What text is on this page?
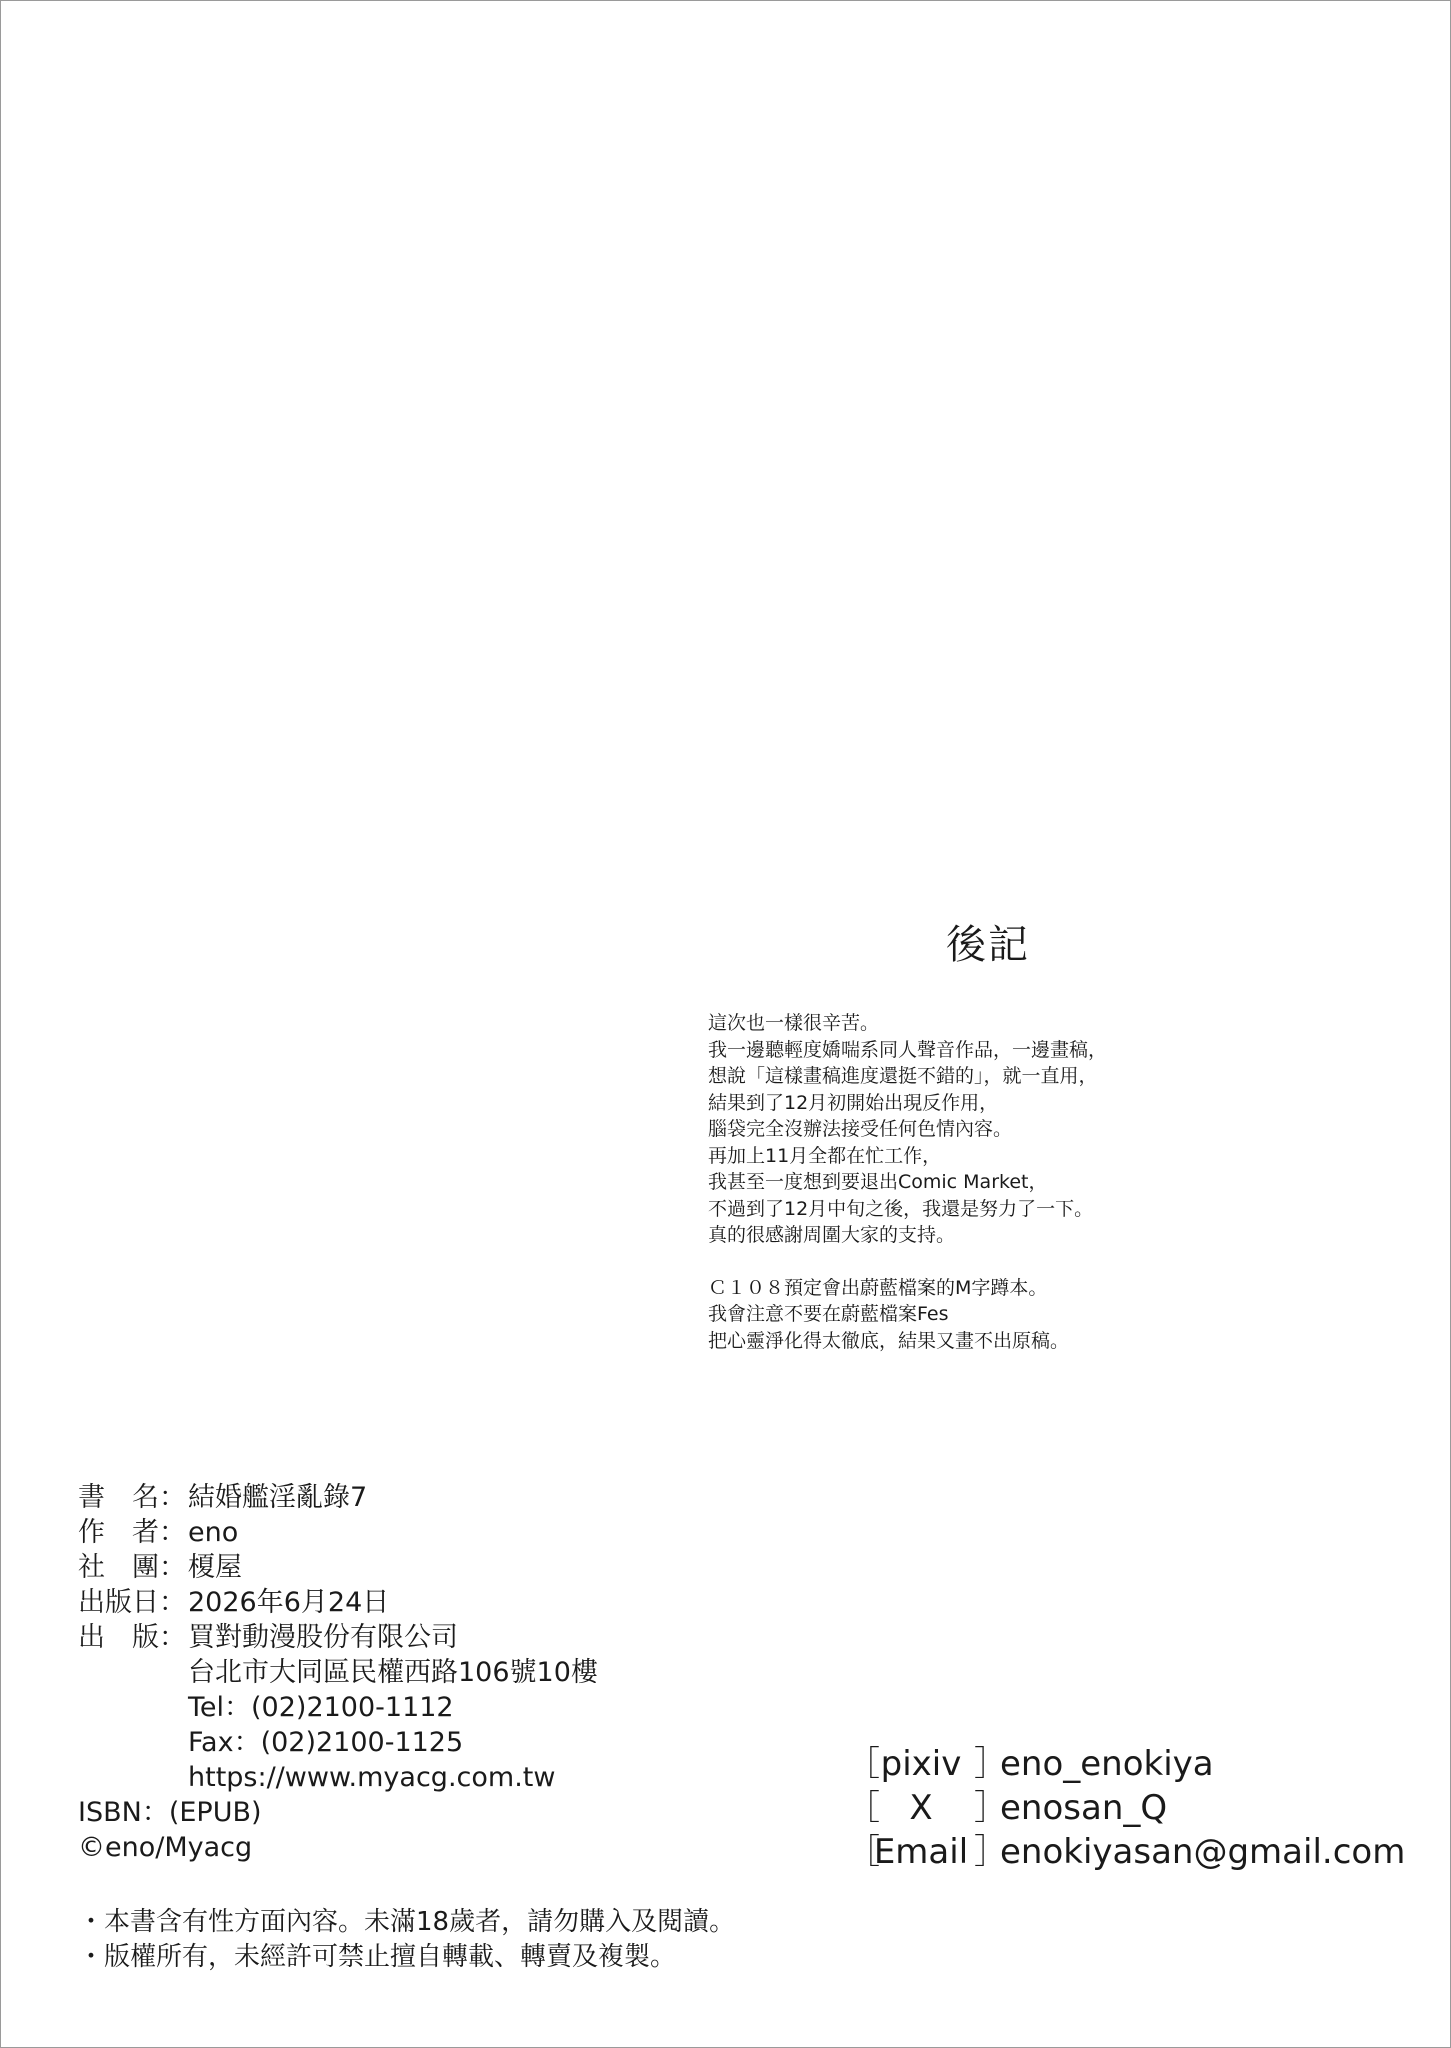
後記

這次也一樣很辛苦。
我一邊聽輕度嬌喘系同人聲音作品，一邊畫稿，
想說「這樣畫稿進度還挺不錯的」，就一直用，
結果到了12月初開始出現反作用，
腦袋完全沒辦法接受任何色情內容。
再加上11月全都在忙工作，
我甚至一度想到要退出Comic Market，
不過到了12月中旬之後，我還是努力了一下。
真的很感謝周圍大家的支持。

Ｃ１０８預定會出蔚藍檔案的M字蹲本。
我會注意不要在蔚藍檔案Fes
把心靈淨化得太徹底，結果又畫不出原稿。

書　名： 結婚艦淫亂錄7
作　者： eno
社　團： 榎屋
出版日： 2026年6月24日
出　版： 買對動漫股份有限公司
台北市大同區民權西路106號10樓
Tel：(02)2100-1112
Fax：(02)2100-1125
https://www.myacg.com.tw
ISBN：(EPUB)
©eno/Myacg
・本書含有性方面內容。未滿18歲者，請勿購入及閱讀。
・版權所有，未經許可禁止擅自轉載、轉賣及複製。
［pixiv ］
eno_enokiya
［ X ］
enosan_Q
［Email ］
enokiyasan@gmail.com
